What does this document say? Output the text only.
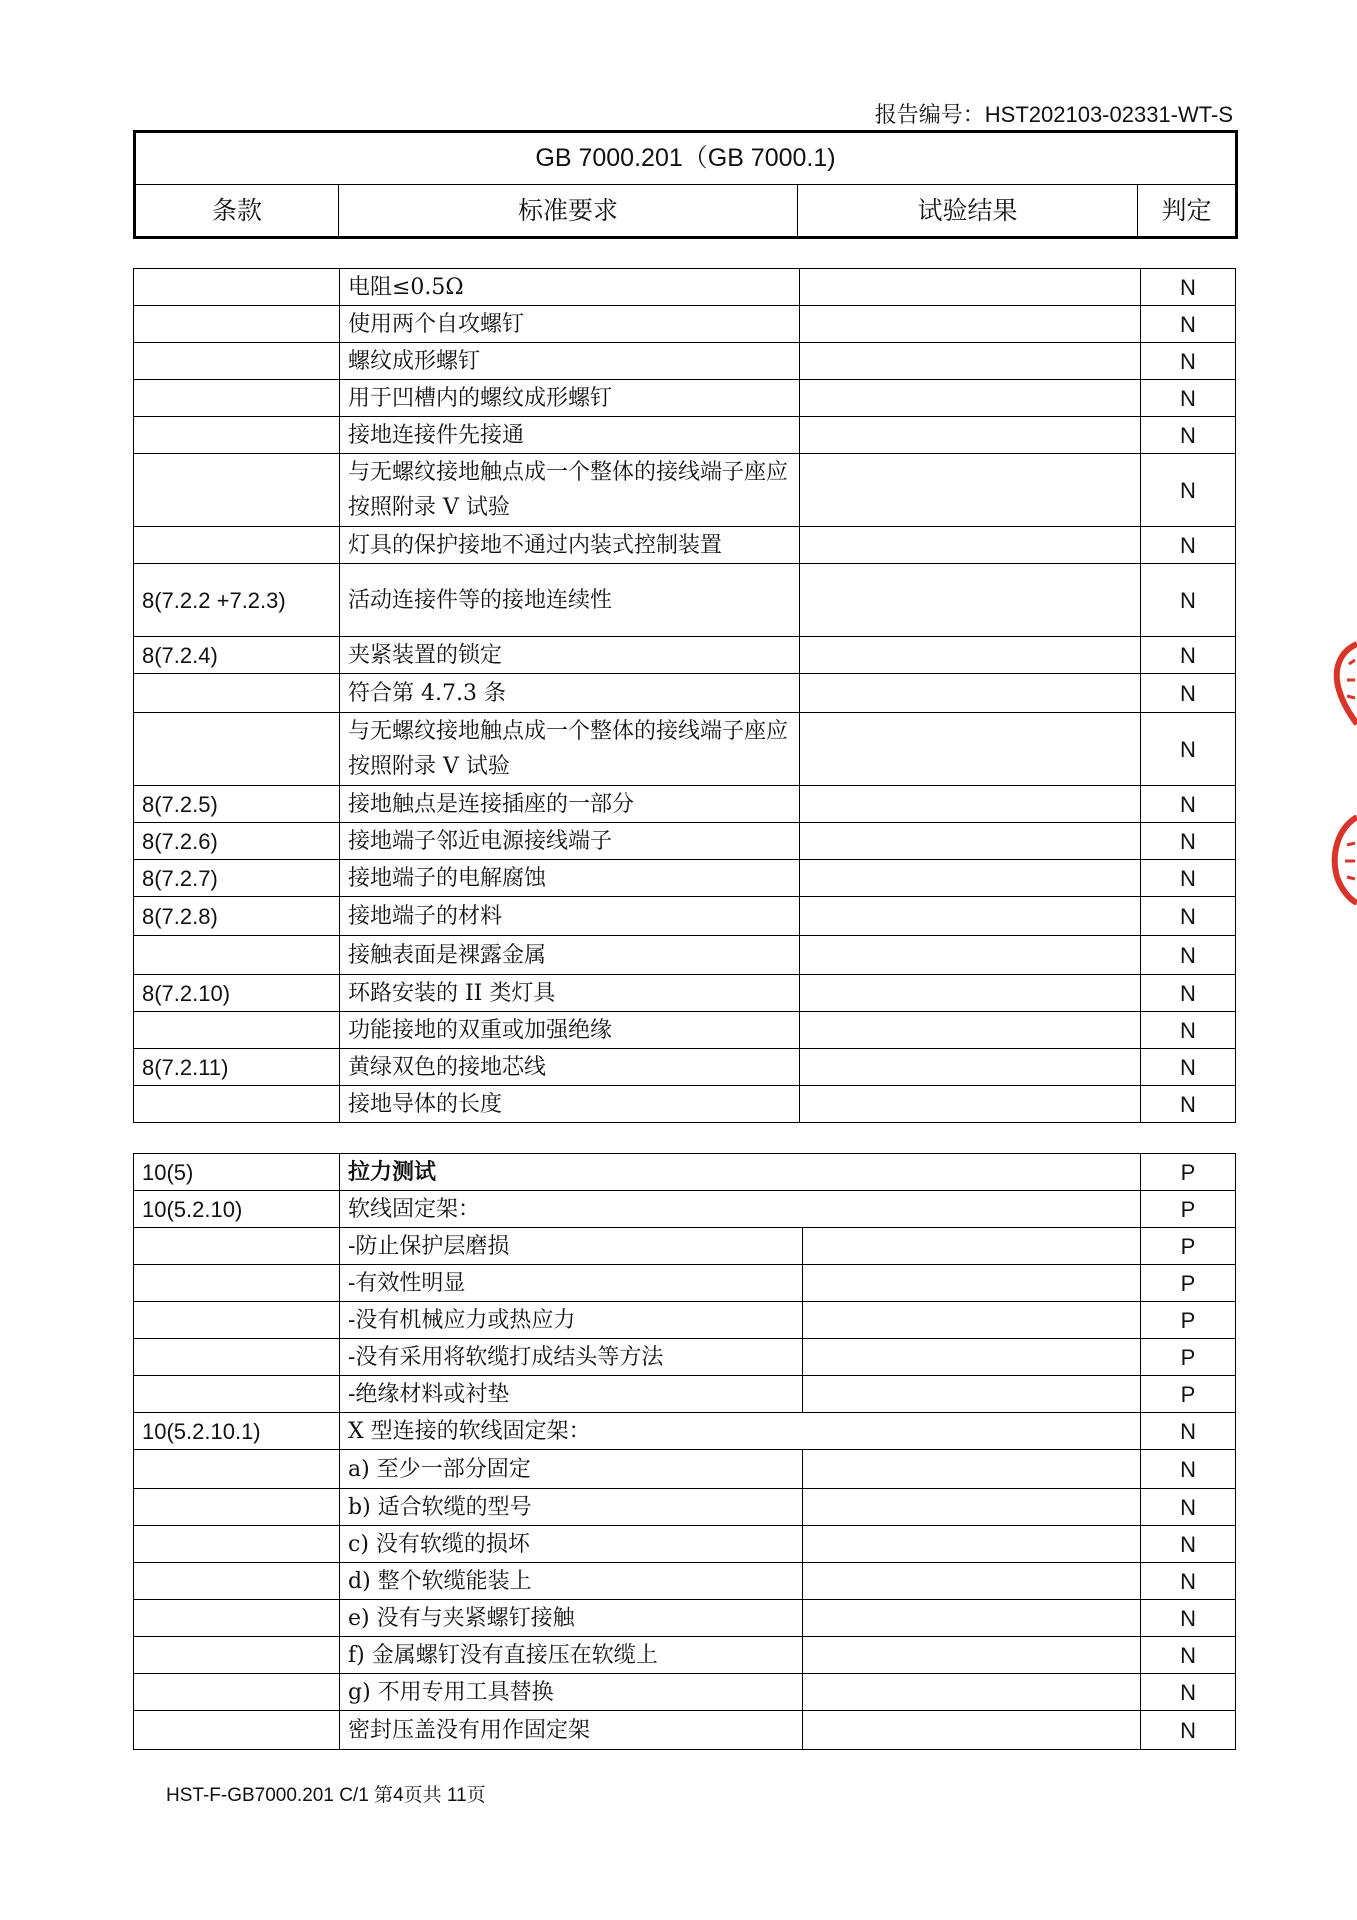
报告编号：HST202103-02331-WT-S
GB 7000.201（GB 7000.1)
条款	标准要求	试验结果	判定
	电阻≤0.5Ω		N
	使用两个自攻螺钉		N
	螺纹成形螺钉		N
	用于凹槽内的螺纹成形螺钉		N
	接地连接件先接通		N
	与无螺纹接地触点成一个整体的接线端子座应按照附录 V 试验		N
	灯具的保护接地不通过内装式控制装置		N
8(7.2.2 +7.2.3)	活动连接件等的接地连续性		N
8(7.2.4)	夹紧装置的锁定		N
	符合第 4.7.3 条		N
	与无螺纹接地触点成一个整体的接线端子座应按照附录 V 试验		N
8(7.2.5)	接地触点是连接插座的一部分		N
8(7.2.6)	接地端子邻近电源接线端子		N
8(7.2.7)	接地端子的电解腐蚀		N
8(7.2.8)	接地端子的材料		N
	接触表面是裸露金属		N
8(7.2.10)	环路安装的 II 类灯具		N
	功能接地的双重或加强绝缘		N
8(7.2.11)	黄绿双色的接地芯线		N
	接地导体的长度		N
10(5)	拉力测试		P
10(5.2.10)	软线固定架：		P
	-防止保护层磨损		P
	-有效性明显		P
	-没有机械应力或热应力		P
	-没有采用将软缆打成结头等方法		P
	-绝缘材料或衬垫		P
10(5.2.10.1)	X 型连接的软线固定架：		N
	a) 至少一部分固定		N
	b) 适合软缆的型号		N
	c) 没有软缆的损坏		N
	d) 整个软缆能装上		N
	e) 没有与夹紧螺钉接触		N
	f) 金属螺钉没有直接压在软缆上		N
	g) 不用专用工具替换		N
	密封压盖没有用作固定架		N
HST-F-GB7000.201 C/1 第4页共 11页
